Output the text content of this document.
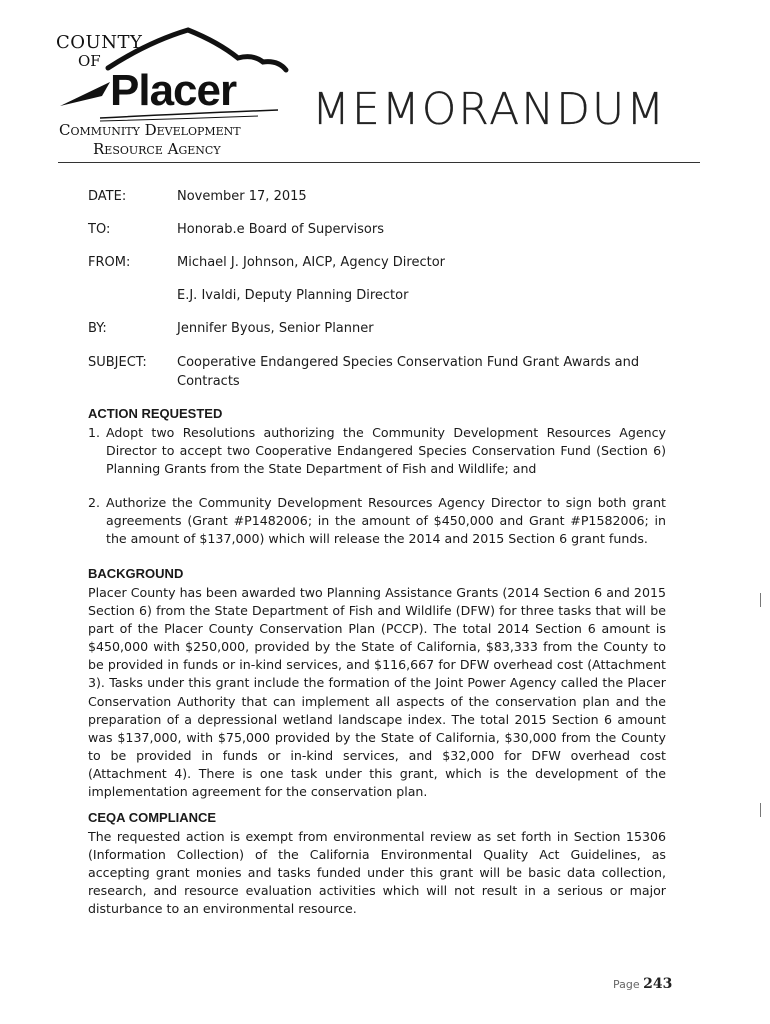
COUNTY
OF
Placer
Community Development
Resource Agency
MEMORANDUM
DATE:	November 17, 2015
TO:	Honorab.e Board of Supervisors
FROM:	Michael J. Johnson, AICP, Agency Director
E.J. Ivaldi, Deputy Planning Director
BY:	Jennifer Byous, Senior Planner
SUBJECT:	Cooperative Endangered Species Conservation Fund Grant Awards and
Contracts
ACTION REQUESTED
1. Adopt two Resolutions authorizing the Community Development Resources Agency Director to accept two Cooperative Endangered Species Conservation Fund (Section 6) Planning Grants from the State Department of Fish and Wildlife; and
2. Authorize the Community Development Resources Agency Director to sign both grant agreements (Grant #P1482006; in the amount of $450,000 and Grant #P1582006; in the amount of $137,000) which will release the 2014 and 2015 Section 6 grant funds.
BACKGROUND

Placer County has been awarded two Planning Assistance Grants (2014 Section 6 and 2015 Section 6) from the State Department of Fish and Wildlife (DFW) for three tasks that will be part of the Placer County Conservation Plan (PCCP). The total 2014 Section 6 amount is $450,000 with $250,000, provided by the State of California, $83,333 from the County to be provided in funds or in-kind services, and $116,667 for DFW overhead cost (Attachment 3). Tasks under this grant include the formation of the Joint Power Agency called the Placer Conservation Authority that can implement all aspects of the conservation plan and the preparation of a depressional wetland landscape index. The total 2015 Section 6 amount was $137,000, with $75,000 provided by the State of California, $30,000 from the County to be provided in funds or in-kind services, and $32,000 for DFW overhead cost (Attachment 4). There is one task under this grant, which is the development of the implementation agreement for the conservation plan.

CEQA COMPLIANCE

The requested action is exempt from environmental review as set forth in Section 15306 (Information Collection) of the California Environmental Quality Act Guidelines, as accepting grant monies and tasks funded under this grant will be basic data collection, research, and resource evaluation activities which will not result in a serious or major disturbance to an environmental resource.

Page 243
